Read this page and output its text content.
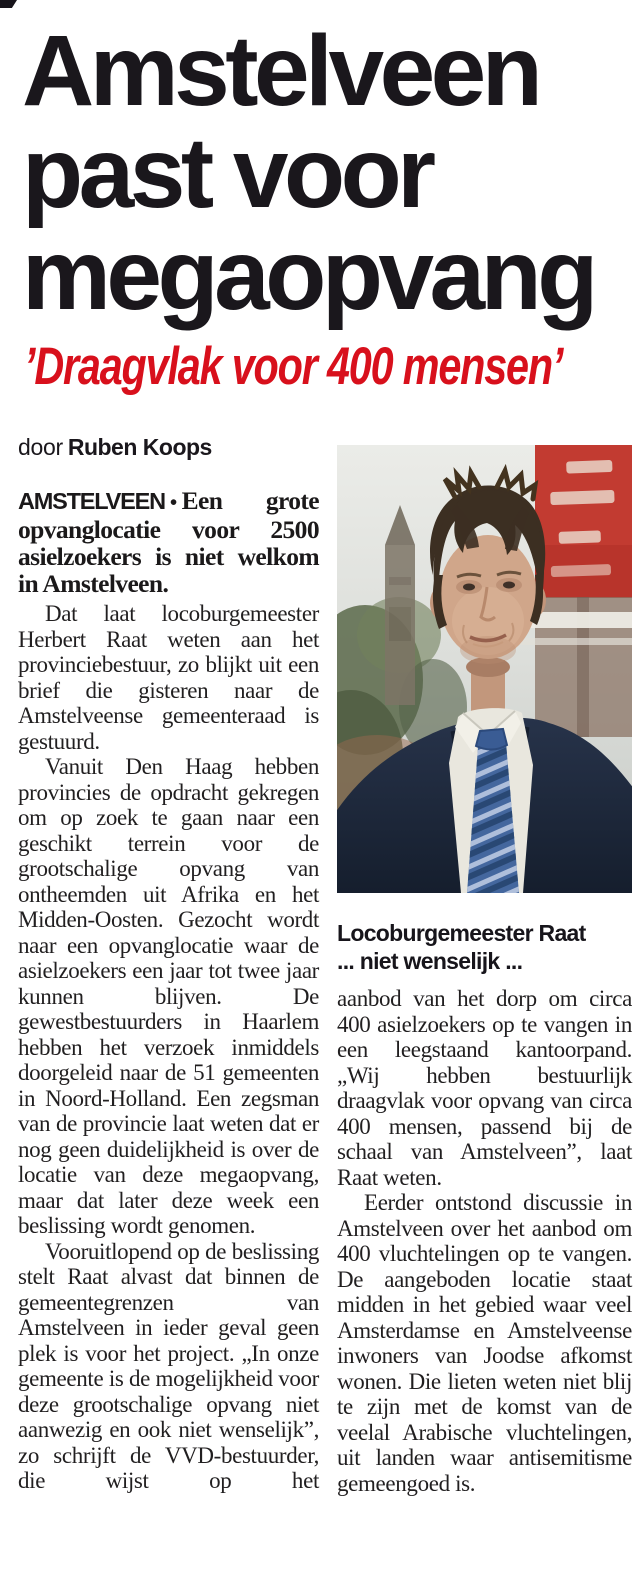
Amstelveen
past voor
megaopvang
’Draagvlak voor 400 mensen’
door Ruben Koops

AMSTELVEEN • Een grote opvanglocatie voor 2500 asielzoekers is niet welkom in Amstelveen.

Dat laat locoburgemeester Herbert Raat weten aan het provinciebestuur, zo blijkt uit een brief die gisteren naar de Amstelveense gemeenteraad is gestuurd.

Vanuit Den Haag hebben provincies de opdracht gekregen om op zoek te gaan naar een geschikt terrein voor de grootschalige opvang van ontheemden uit Afrika en het Midden-Oosten. Gezocht wordt naar een opvanglocatie waar de asielzoekers een jaar tot twee jaar kunnen blijven. De gewestbestuurders in Haarlem hebben het verzoek inmiddels doorgeleid naar de 51 gemeenten in Noord-Holland. Een zegsman van de provincie laat weten dat er nog geen duidelijkheid is over de locatie van deze megaopvang, maar dat later deze week een beslissing wordt genomen.

Vooruitlopend op de beslissing stelt Raat alvast dat binnen de gemeentegrenzen van Amstelveen in ieder geval geen plek is voor het project. „In onze gemeente is de mogelijkheid voor deze grootschalige opvang niet aanwezig en ook niet wenselijk”, zo schrijft de VVD-bestuurder, die wijst op het

Locoburgemeester Raat
... niet wenselijk ...

aanbod van het dorp om circa 400 asielzoekers op te vangen in een leegstaand kantoorpand. „Wij hebben bestuurlijk draagvlak voor opvang van circa 400 mensen, passend bij de schaal van Amstelveen”, laat Raat weten.

Eerder ontstond discussie in Amstelveen over het aanbod om 400 vluchtelingen op te vangen. De aangeboden locatie staat midden in het gebied waar veel Amsterdamse en Amstelveense inwoners van Joodse afkomst wonen. Die lieten weten niet blij te zijn met de komst van de veelal Arabische vluchtelingen, uit landen waar antisemitisme gemeengoed is.
